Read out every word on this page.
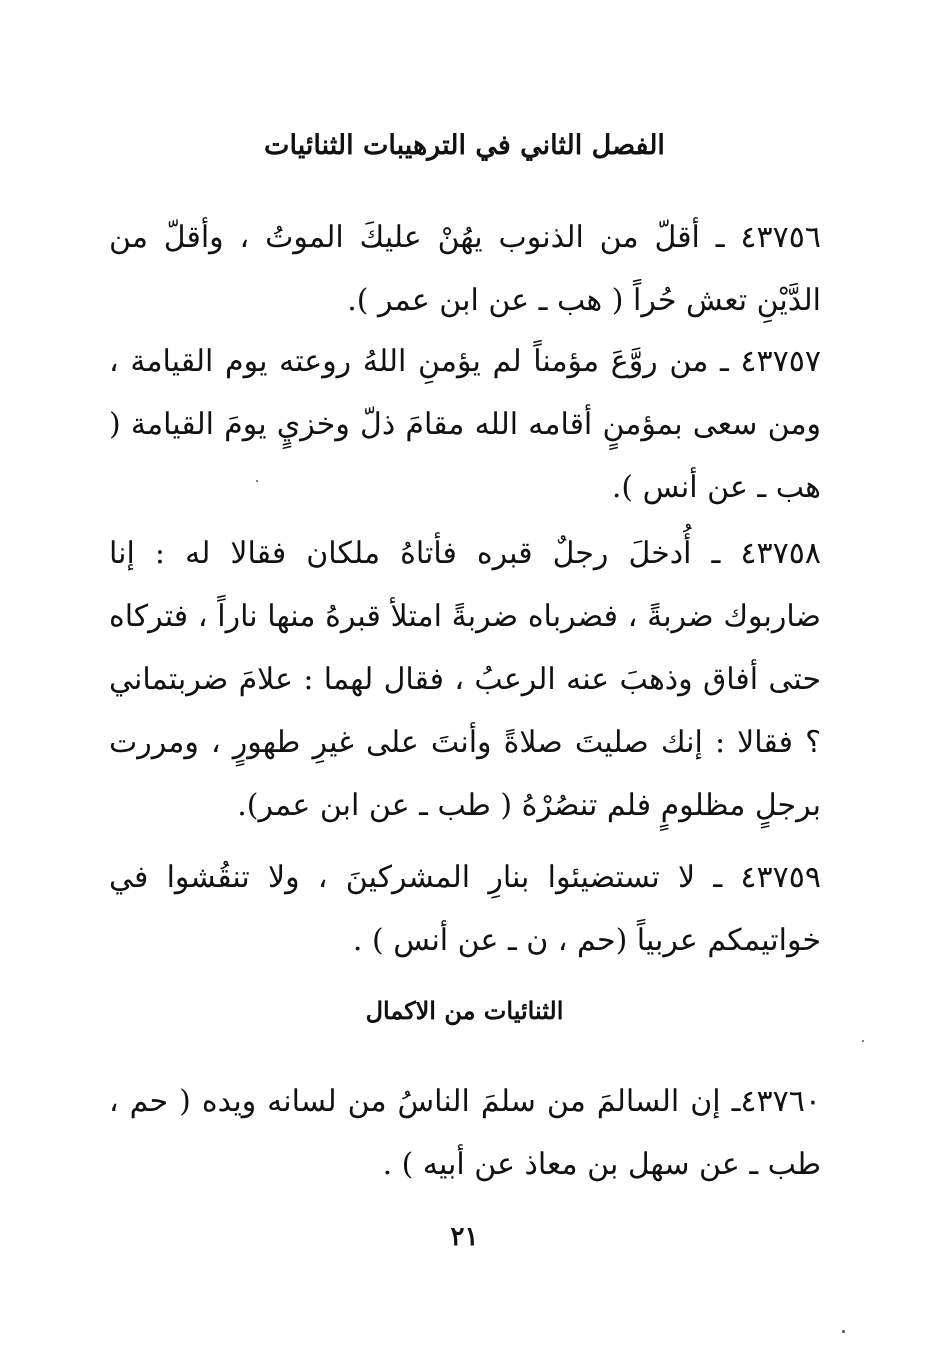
الفصل الثاني في الترهيبات الثنائيات
٤٣٧٥٦ ـ أقلّ من الذنوب يهُنْ عليكَ الموتُ ، وأقلّ من الدَّيْنِ تعش حُراً ( هب ـ عن ابن عمر ).
٤٣٧٥٧ ـ من روَّعَ مؤمناً لم يؤمنِ اللهُ روعته يوم القيامة ، ومن سعى بمؤمنٍ أقامه الله مقامَ ذلّ وخزيٍ يومَ القيامة ( هب ـ عن أنس ).
٤٣٧٥٨ ـ أُدخلَ رجلٌ قبره فأتاهُ ملكان فقالا له : إنا ضاربوك ضربةً ، فضرباه ضربةً امتلأ قبرهُ منها ناراً ، فتركاه حتى أفاق وذهبَ عنه الرعبُ ، فقال لهما : علامَ ضربتماني ؟ فقالا : إنك صليتَ صلاةً وأنتَ على غيرِ طهورٍ ، ومررت برجلٍ مظلومٍ فلم تنصُرْهُ ( طب ـ عن ابن عمر).
٤٣٧٥٩ ـ لا تستضيئوا بنارِ المشركينَ ، ولا تنقُشوا في خواتيمكم عربياً (حم ، ن ـ عن أنس ) .
الثنائيات من الاكمال
٤٣٧٦٠ـ إن السالمَ من سلمَ الناسُ من لسانه ويده ( حم ، طب ـ عن سهل بن معاذ عن أبيه ) .
٢١
